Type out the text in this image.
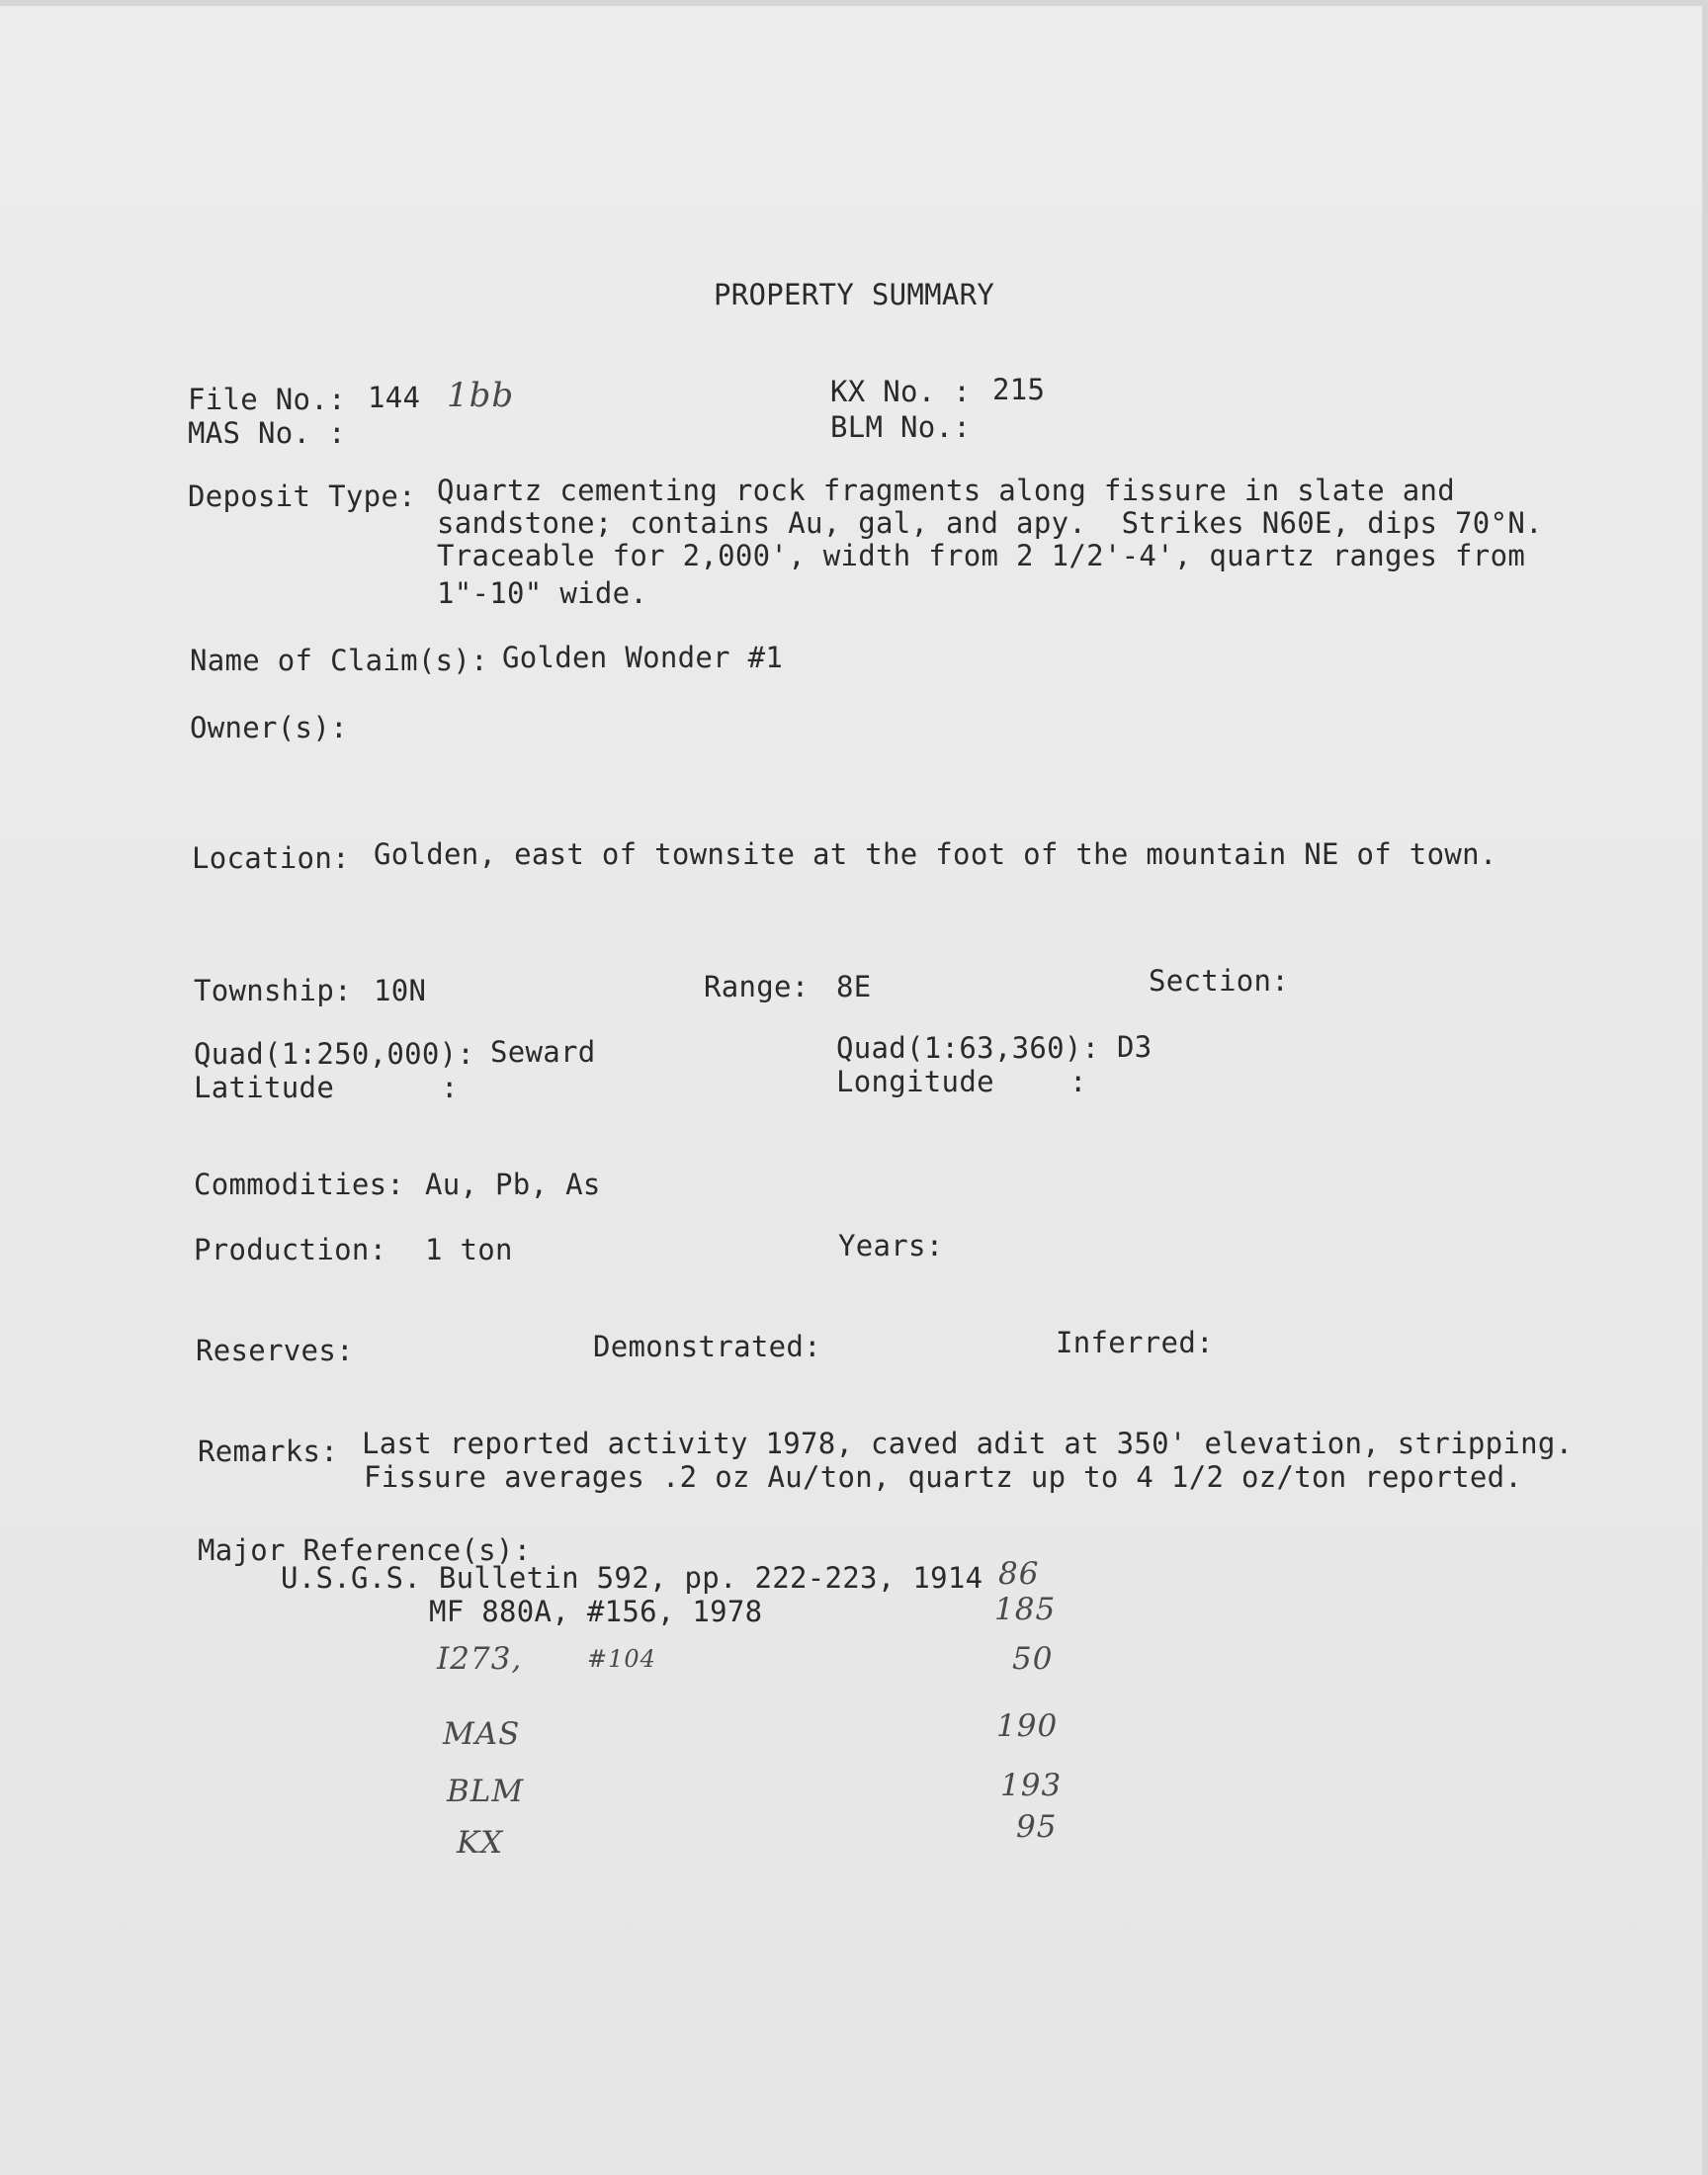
PROPERTY SUMMARY
File No.: 144 1bb	KX No. : 215
MAS No. :	BLM No.:
Deposit Type: Quartz cementing rock fragments along fissure in slate and
sandstone; contains Au, gal, and apy.  Strikes N60E, dips 70°N.
Traceable for 2,000', width from 2 1/2'-4', quartz ranges from
1"-10" wide.
Name of Claim(s): Golden Wonder #1
Owner(s):
Location: Golden, east of townsite at the foot of the mountain NE of town.
Township: 10N	Range: 8E	Section:
Quad(1:250,000): Seward	Quad(1:63,360): D3
Latitude	:	Longitude	:
Commodities: Au, Pb, As
Production: 1 ton	Years:
Reserves:	Demonstrated:	Inferred:
Remarks: Last reported activity 1978, caved adit at 350' elevation, stripping.
Fissure averages .2 oz Au/ton, quartz up to 4 1/2 oz/ton reported.
Major Reference(s):
U.S.G.S. Bulletin 592, pp. 222-223, 1914 86
MF 880A, #156, 1978	185
I273,	#104	50
MAS	190
BLM	193
KX	95
